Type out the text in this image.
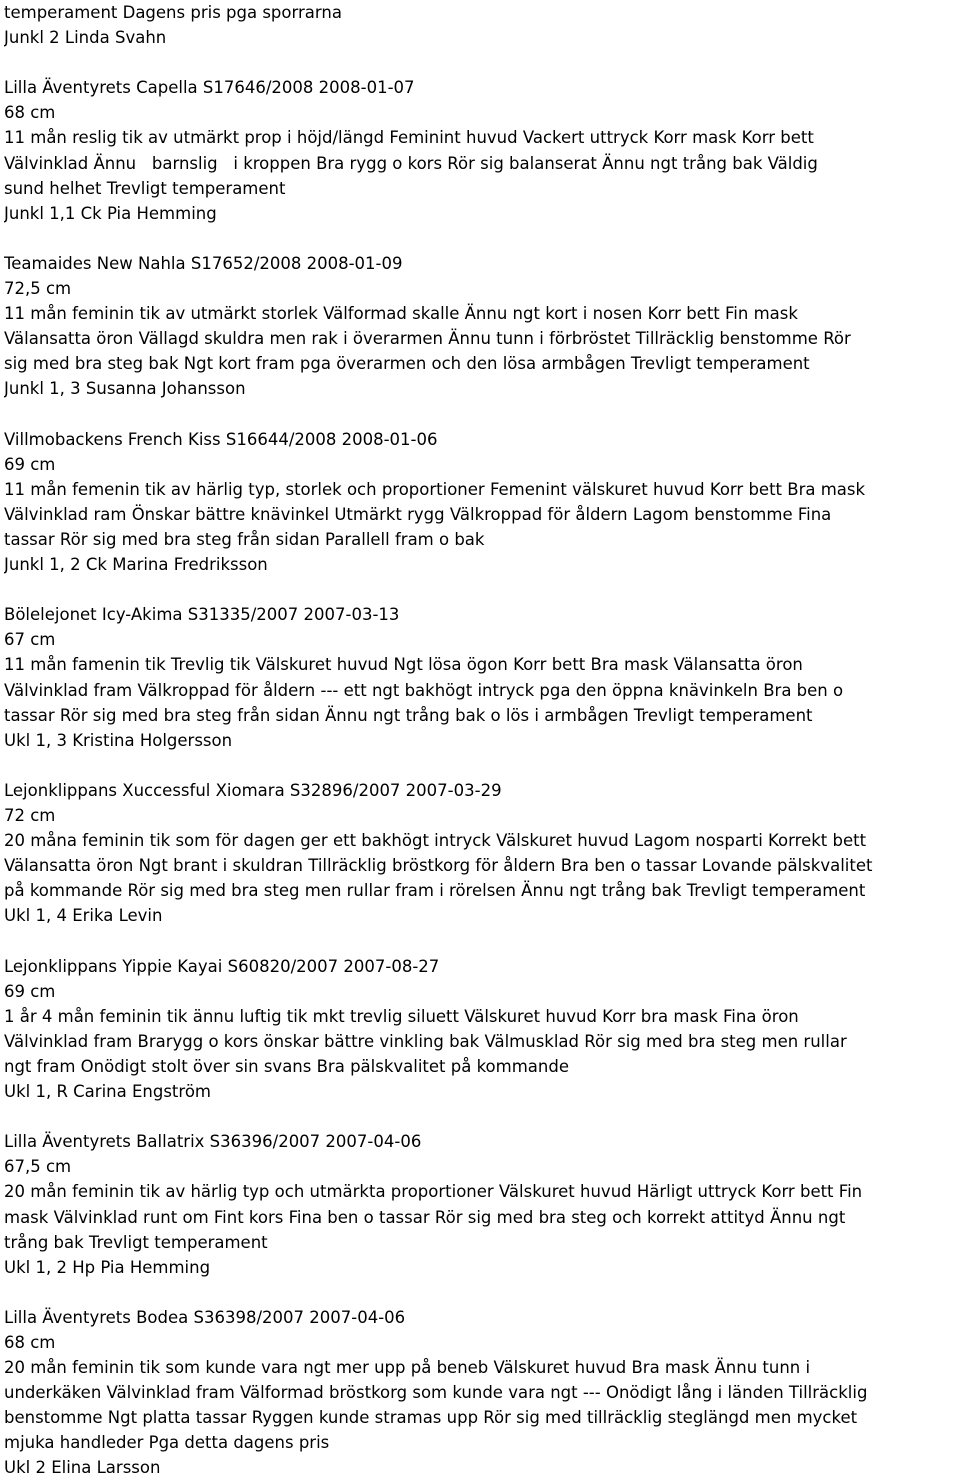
temperament Dagens pris pga sporrarna
Junkl 2 Linda Svahn
Lilla Äventyrets Capella S17646/2008 2008-01-07
68 cm
11 mån reslig tik av utmärkt prop i höjd/längd Feminint huvud Vackert uttryck Korr mask Korr bett
Välvinklad Ännu   barnslig   i kroppen Bra rygg o kors Rör sig balanserat Ännu ngt trång bak Väldig
sund helhet Trevligt temperament
Junkl 1,1 Ck Pia Hemming
Teamaides New Nahla S17652/2008 2008-01-09
72,5 cm
11 mån feminin tik av utmärkt storlek Välformad skalle Ännu ngt kort i nosen Korr bett Fin mask
Välansatta öron Vällagd skuldra men rak i överarmen Ännu tunn i förbröstet Tillräcklig benstomme Rör
sig med bra steg bak Ngt kort fram pga överarmen och den lösa armbågen Trevligt temperament
Junkl 1, 3 Susanna Johansson
Villmobackens French Kiss S16644/2008 2008-01-06
69 cm
11 mån femenin tik av härlig typ, storlek och proportioner Femenint välskuret huvud Korr bett Bra mask
Välvinklad ram Önskar bättre knävinkel Utmärkt rygg Välkroppad för åldern Lagom benstomme Fina
tassar Rör sig med bra steg från sidan Parallell fram o bak
Junkl 1, 2 Ck Marina Fredriksson
Bölelejonet Icy-Akima S31335/2007 2007-03-13
67 cm
11 mån famenin tik Trevlig tik Välskuret huvud Ngt lösa ögon Korr bett Bra mask Välansatta öron
Välvinklad fram Välkroppad för åldern --- ett ngt bakhögt intryck pga den öppna knävinkeln Bra ben o
tassar Rör sig med bra steg från sidan Ännu ngt trång bak o lös i armbågen Trevligt temperament
Ukl 1, 3 Kristina Holgersson
Lejonklippans Xuccessful Xiomara S32896/2007 2007-03-29
72 cm
20 måna feminin tik som för dagen ger ett bakhögt intryck Välskuret huvud Lagom nosparti Korrekt bett
Välansatta öron Ngt brant i skuldran Tillräcklig bröstkorg för åldern Bra ben o tassar Lovande pälskvalitet
på kommande Rör sig med bra steg men rullar fram i rörelsen Ännu ngt trång bak Trevligt temperament
Ukl 1, 4 Erika Levin
Lejonklippans Yippie Kayai S60820/2007 2007-08-27
69 cm
1 år 4 mån feminin tik ännu luftig tik mkt trevlig siluett Välskuret huvud Korr bra mask Fina öron
Välvinklad fram Brarygg o kors önskar bättre vinkling bak Välmusklad Rör sig med bra steg men rullar
ngt fram Onödigt stolt över sin svans Bra pälskvalitet på kommande
Ukl 1, R Carina Engström
Lilla Äventyrets Ballatrix S36396/2007 2007-04-06
67,5 cm
20 mån feminin tik av härlig typ och utmärkta proportioner Välskuret huvud Härligt uttryck Korr bett Fin
mask Välvinklad runt om Fint kors Fina ben o tassar Rör sig med bra steg och korrekt attityd Ännu ngt
trång bak Trevligt temperament
Ukl 1, 2 Hp Pia Hemming
Lilla Äventyrets Bodea S36398/2007 2007-04-06
68 cm
20 mån feminin tik som kunde vara ngt mer upp på beneb Välskuret huvud Bra mask Ännu tunn i
underkäken Välvinklad fram Välformad bröstkorg som kunde vara ngt --- Onödigt lång i länden Tillräcklig
benstomme Ngt platta tassar Ryggen kunde stramas upp Rör sig med tillräcklig steglängd men mycket
mjuka handleder Pga detta dagens pris
Ukl 2 Elina Larsson
